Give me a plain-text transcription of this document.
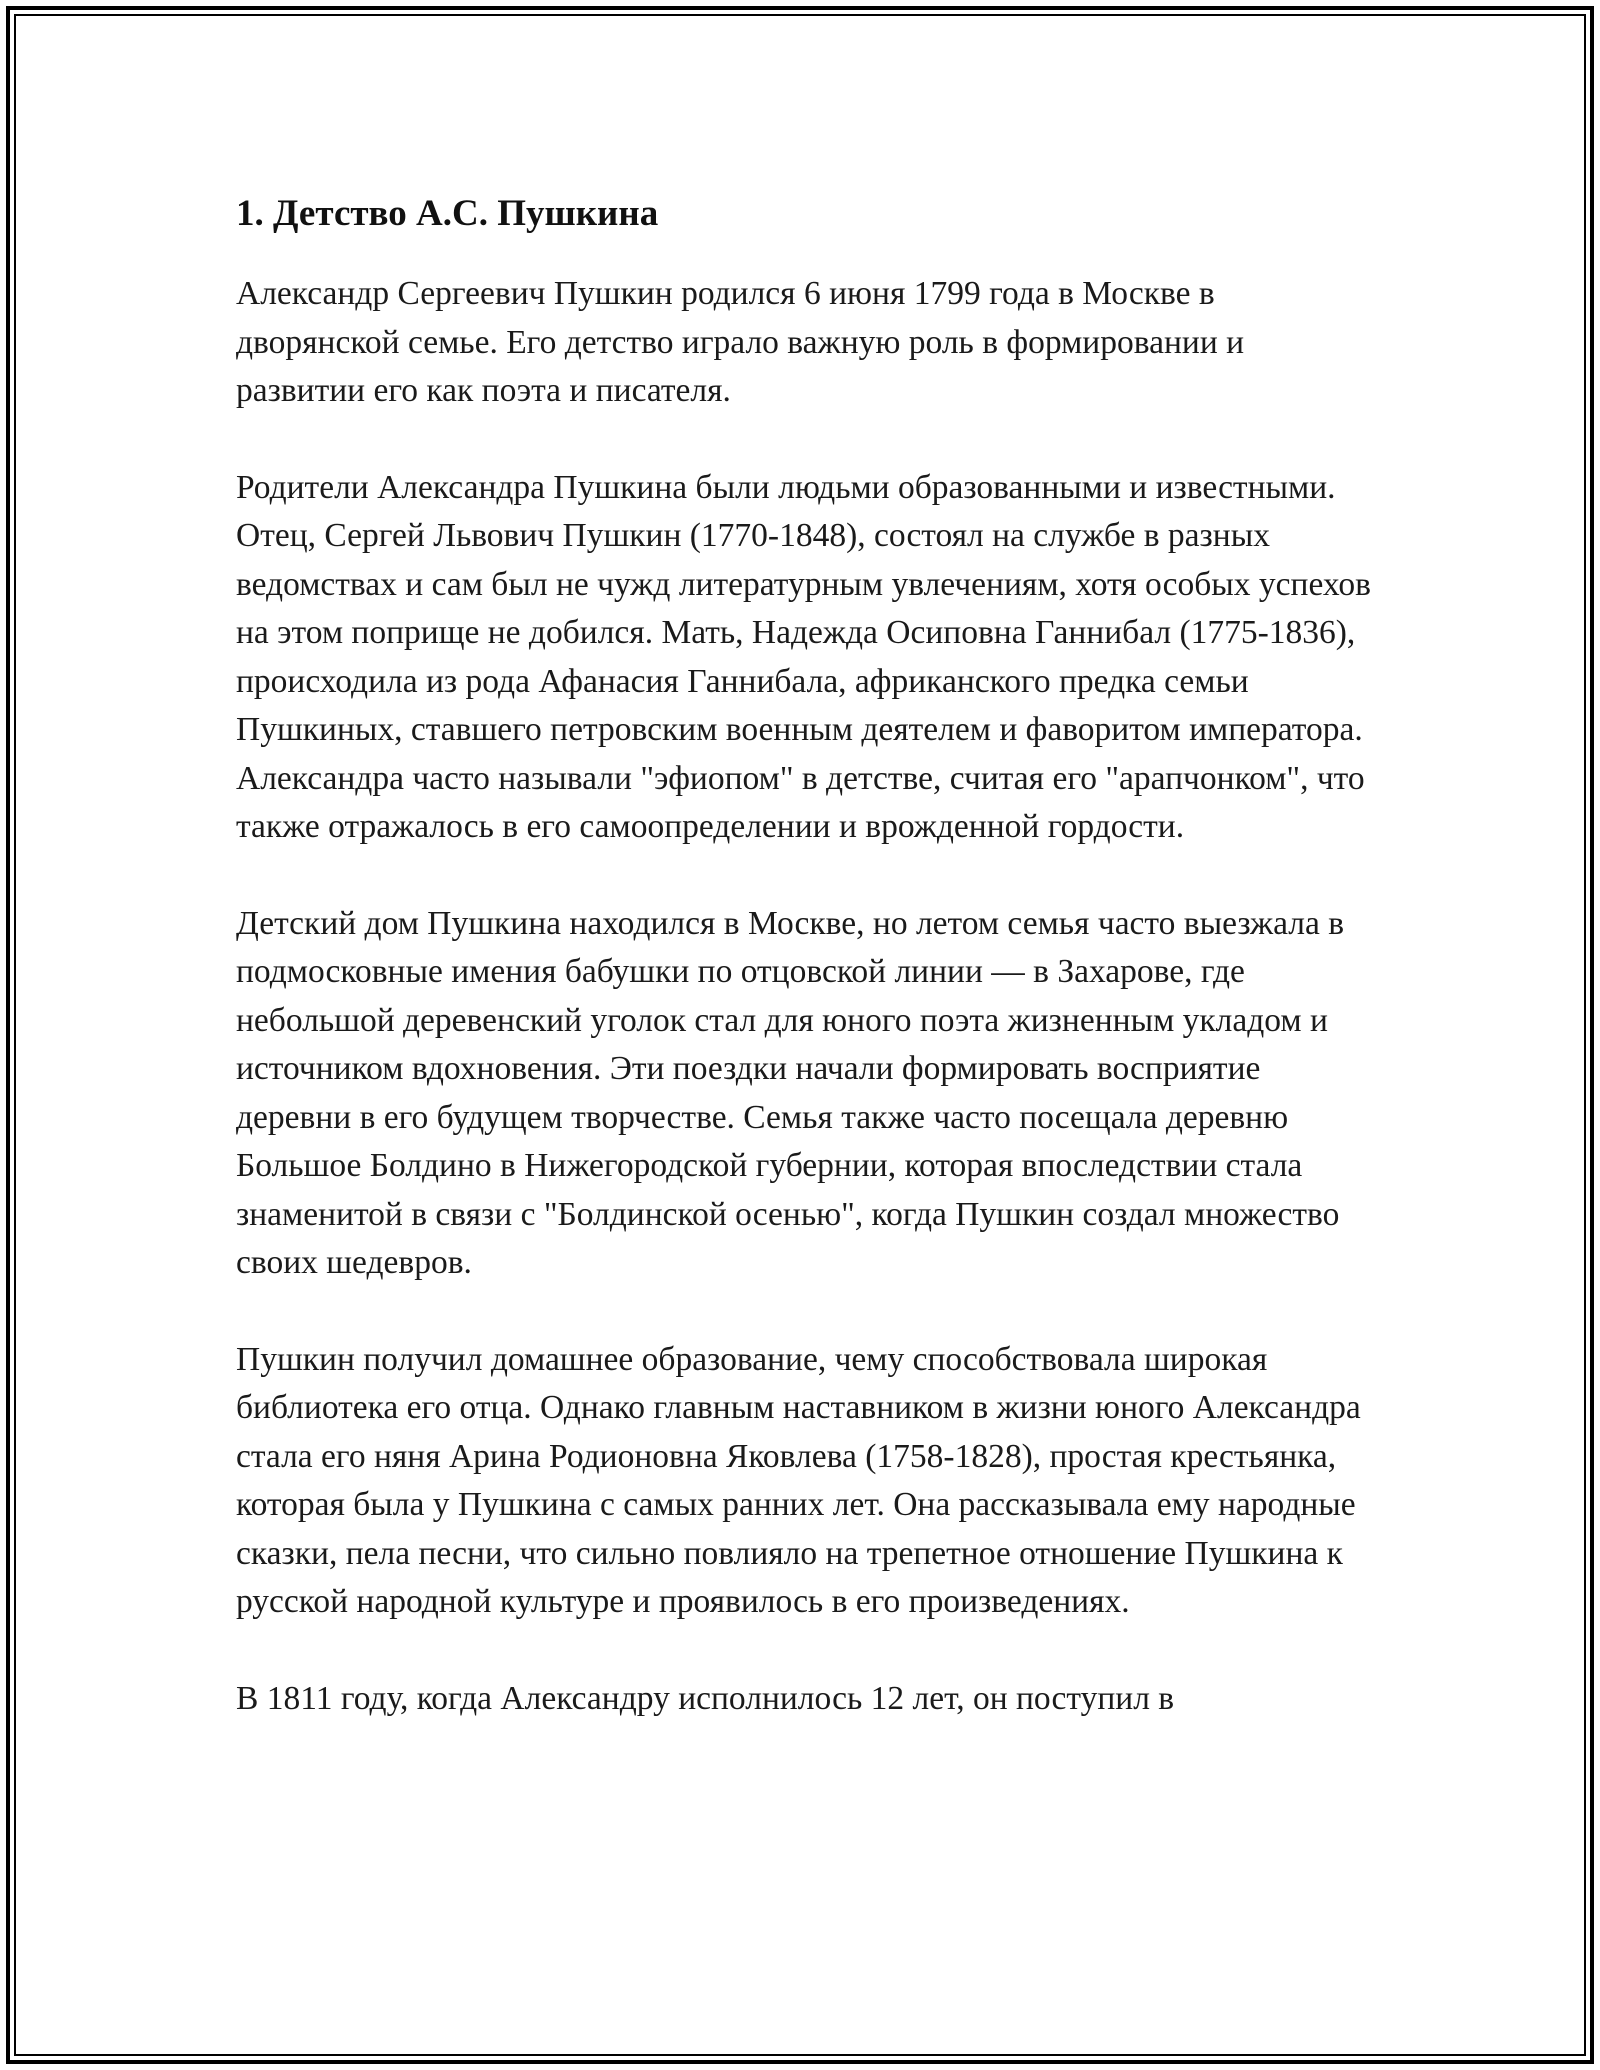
1. Детство А.С. Пушкина

Александр Сергеевич Пушкин родился 6 июня 1799 года в Москве в дворянской семье. Его детство играло важную роль в формировании и развитии его как поэта и писателя.

Родители Александра Пушкина были людьми образованными и известными. Отец, Сергей Львович Пушкин (1770-1848), состоял на службе в разных ведомствах и сам был не чужд литературным увлечениям, хотя особых успехов на этом поприще не добился. Мать, Надежда Осиповна Ганнибал (1775-1836), происходила из рода Афанасия Ганнибала, африканского предка семьи Пушкиных, ставшего петровским военным деятелем и фаворитом императора. Александра часто называли "эфиопом" в детстве, считая его "арапчонком", что также отражалось в его самоопределении и врожденной гордости.

Детский дом Пушкина находился в Москве, но летом семья часто выезжала в подмосковные имения бабушки по отцовской линии — в Захарове, где небольшой деревенский уголок стал для юного поэта жизненным укладом и источником вдохновения. Эти поездки начали формировать восприятие деревни в его будущем творчестве. Семья также часто посещала деревню Большое Болдино в Нижегородской губернии, которая впоследствии стала знаменитой в связи с "Болдинской осенью", когда Пушкин создал множество своих шедевров.

Пушкин получил домашнее образование, чему способствовала широкая библиотека его отца. Однако главным наставником в жизни юного Александра стала его няня Арина Родионовна Яковлева (1758-1828), простая крестьянка, которая была у Пушкина с самых ранних лет. Она рассказывала ему народные сказки, пела песни, что сильно повлияло на трепетное отношение Пушкина к русской народной культуре и проявилось в его произведениях.

В 1811 году, когда Александру исполнилось 12 лет, он поступил в
